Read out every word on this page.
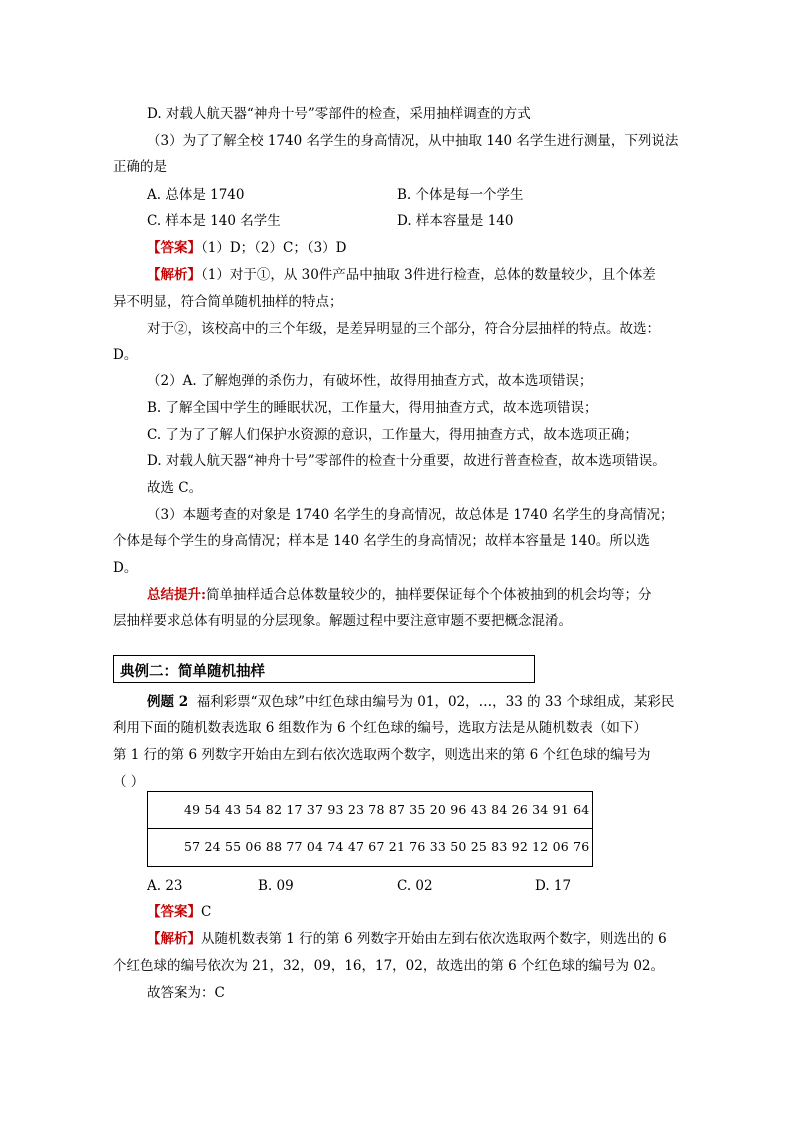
D. 对载人航天器“神舟十号”零部件的检查，采用抽样调查的方式
（3）为了了解全校 1740 名学生的身高情况，从中抽取 140 名学生进行测量，下列说法
正确的是
A. 总体是 1740	B. 个体是每一个学生
C. 样本是 140 名学生	D. 样本容量是 140
【答案】（1）D；（2）C；（3）D
【解析】（1）对于①，从 30件产品中抽取 3件进行检查，总体的数量较少，且个体差
异不明显，符合简单随机抽样的特点；
对于②，该校高中的三个年级，是差异明显的三个部分，符合分层抽样的特点。故选：
D。
（2）A. 了解炮弹的杀伤力，有破坏性，故得用抽查方式，故本选项错误；
B. 了解全国中学生的睡眠状况，工作量大，得用抽查方式，故本选项错误；
C. 了为了了解人们保护水资源的意识，工作量大，得用抽查方式，故本选项正确；
D. 对载人航天器“神舟十号”零部件的检查十分重要，故进行普查检查，故本选项错误。
故选 C。
（3）本题考查的对象是 1740 名学生的身高情况，故总体是 1740 名学生的身高情况；
个体是每个学生的身高情况；样本是 140 名学生的身高情况；故样本容量是 140。所以选
D。
总结提升:简单抽样适合总体数量较少的，抽样要保证每个个体被抽到的机会均等；分
层抽样要求总体有明显的分层现象。解题过程中要注意审题不要把概念混淆。
典例二：简单随机抽样
例题 2 福利彩票“双色球”中红色球由编号为 01，02，…，33 的 33 个球组成，某彩民
利用下面的随机数表选取 6 组数作为 6 个红色球的编号，选取方法是从随机数表（如下）
第 1 行的第 6 列数字开始由左到右依次选取两个数字，则选出来的第 6 个红色球的编号为
（ ）
49 54 43 54 82 17 37 93 23 78 87 35 20 96 43 84 26 34 91 64
57 24 55 06 88 77 04 74 47 67 21 76 33 50 25 83 92 12 06 76
A. 23	B. 09	C. 02	D. 17
【答案】C
【解析】从随机数表第 1 行的第 6 列数字开始由左到右依次选取两个数字，则选出的 6
个红色球的编号依次为 21，32，09，16，17，02，故选出的第 6 个红色球的编号为 02。
故答案为：C
